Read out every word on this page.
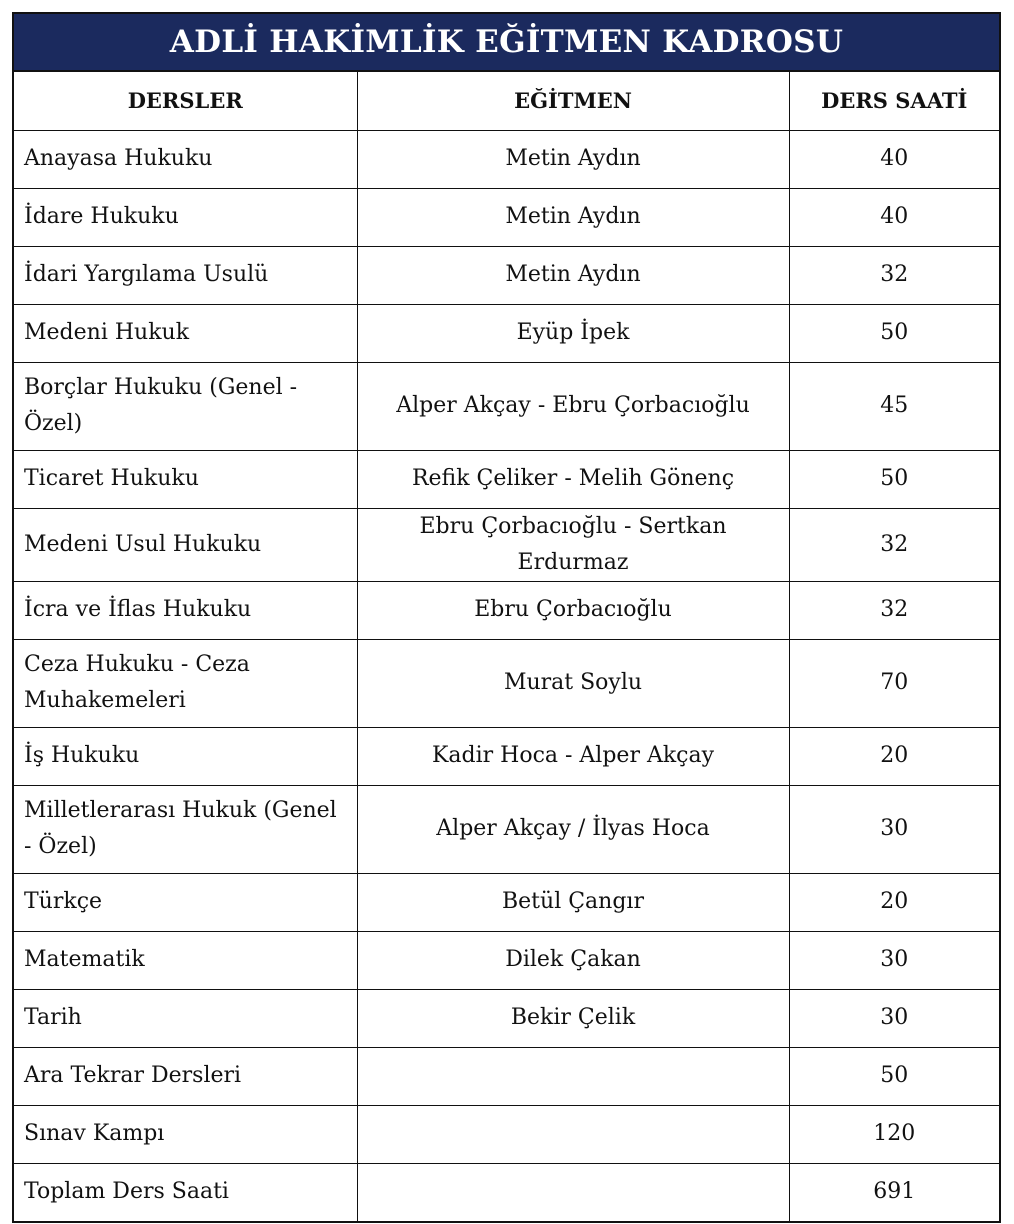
ADLİ HAKİMLİK EĞİTMEN KADROSU
DERSLER	EĞİTMEN	DERS SAATİ
Anayasa Hukuku	Metin Aydın	40
İdare Hukuku	Metin Aydın	40
İdari Yargılama Usulü	Metin Aydın	32
Medeni Hukuk	Eyüp İpek	50
Borçlar Hukuku (Genel - Özel)	Alper Akçay - Ebru Çorbacıoğlu	45
Ticaret Hukuku	Refik Çeliker - Melih Gönenç	50
Medeni Usul Hukuku	Ebru Çorbacıoğlu - Sertkan Erdurmaz	32
İcra ve İflas Hukuku	Ebru Çorbacıoğlu	32
Ceza Hukuku - Ceza Muhakemeleri	Murat Soylu	70
İş Hukuku	Kadir Hoca - Alper Akçay	20
Milletlerarası Hukuk (Genel - Özel)	Alper Akçay / İlyas Hoca	30
Türkçe	Betül Çangır	20
Matematik	Dilek Çakan	30
Tarih	Bekir Çelik	30
Ara Tekrar Dersleri		50
Sınav Kampı		120
Toplam Ders Saati		691
